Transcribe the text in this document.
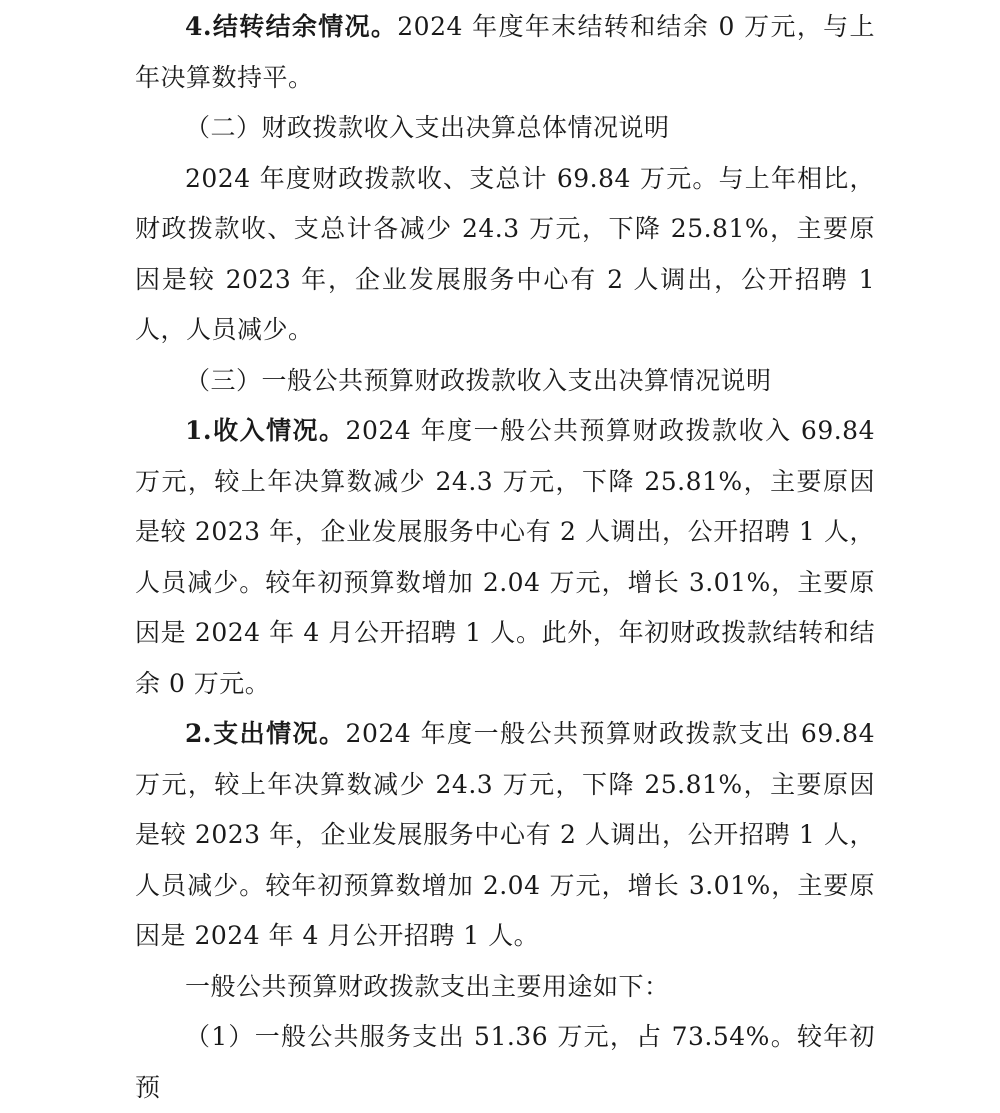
4.结转结余情况。2024 年度年末结转和结余 0 万元，与上年决算数持平。

（二）财政拨款收入支出决算总体情况说明

2024 年度财政拨款收、支总计 69.84 万元。与上年相比，财政拨款收、支总计各减少 24.3 万元，下降 25.81%，主要原因是较 2023 年，企业发展服务中心有 2 人调出，公开招聘 1 人，人员减少。

（三）一般公共预算财政拨款收入支出决算情况说明

1.收入情况。2024 年度一般公共预算财政拨款收入 69.84 万元，较上年决算数减少 24.3 万元，下降 25.81%，主要原因是较 2023 年，企业发展服务中心有 2 人调出，公开招聘 1 人，人员减少。较年初预算数增加 2.04 万元，增长 3.01%，主要原因是 2024 年 4 月公开招聘 1 人。此外，年初财政拨款结转和结余 0 万元。

2.支出情况。2024 年度一般公共预算财政拨款支出 69.84 万元，较上年决算数减少 24.3 万元，下降 25.81%，主要原因是较 2023 年，企业发展服务中心有 2 人调出，公开招聘 1 人，人员减少。较年初预算数增加 2.04 万元，增长 3.01%，主要原因是 2024 年 4 月公开招聘 1 人。

一般公共预算财政拨款支出主要用途如下：

（1）一般公共服务支出 51.36 万元，占 73.54%。较年初预
